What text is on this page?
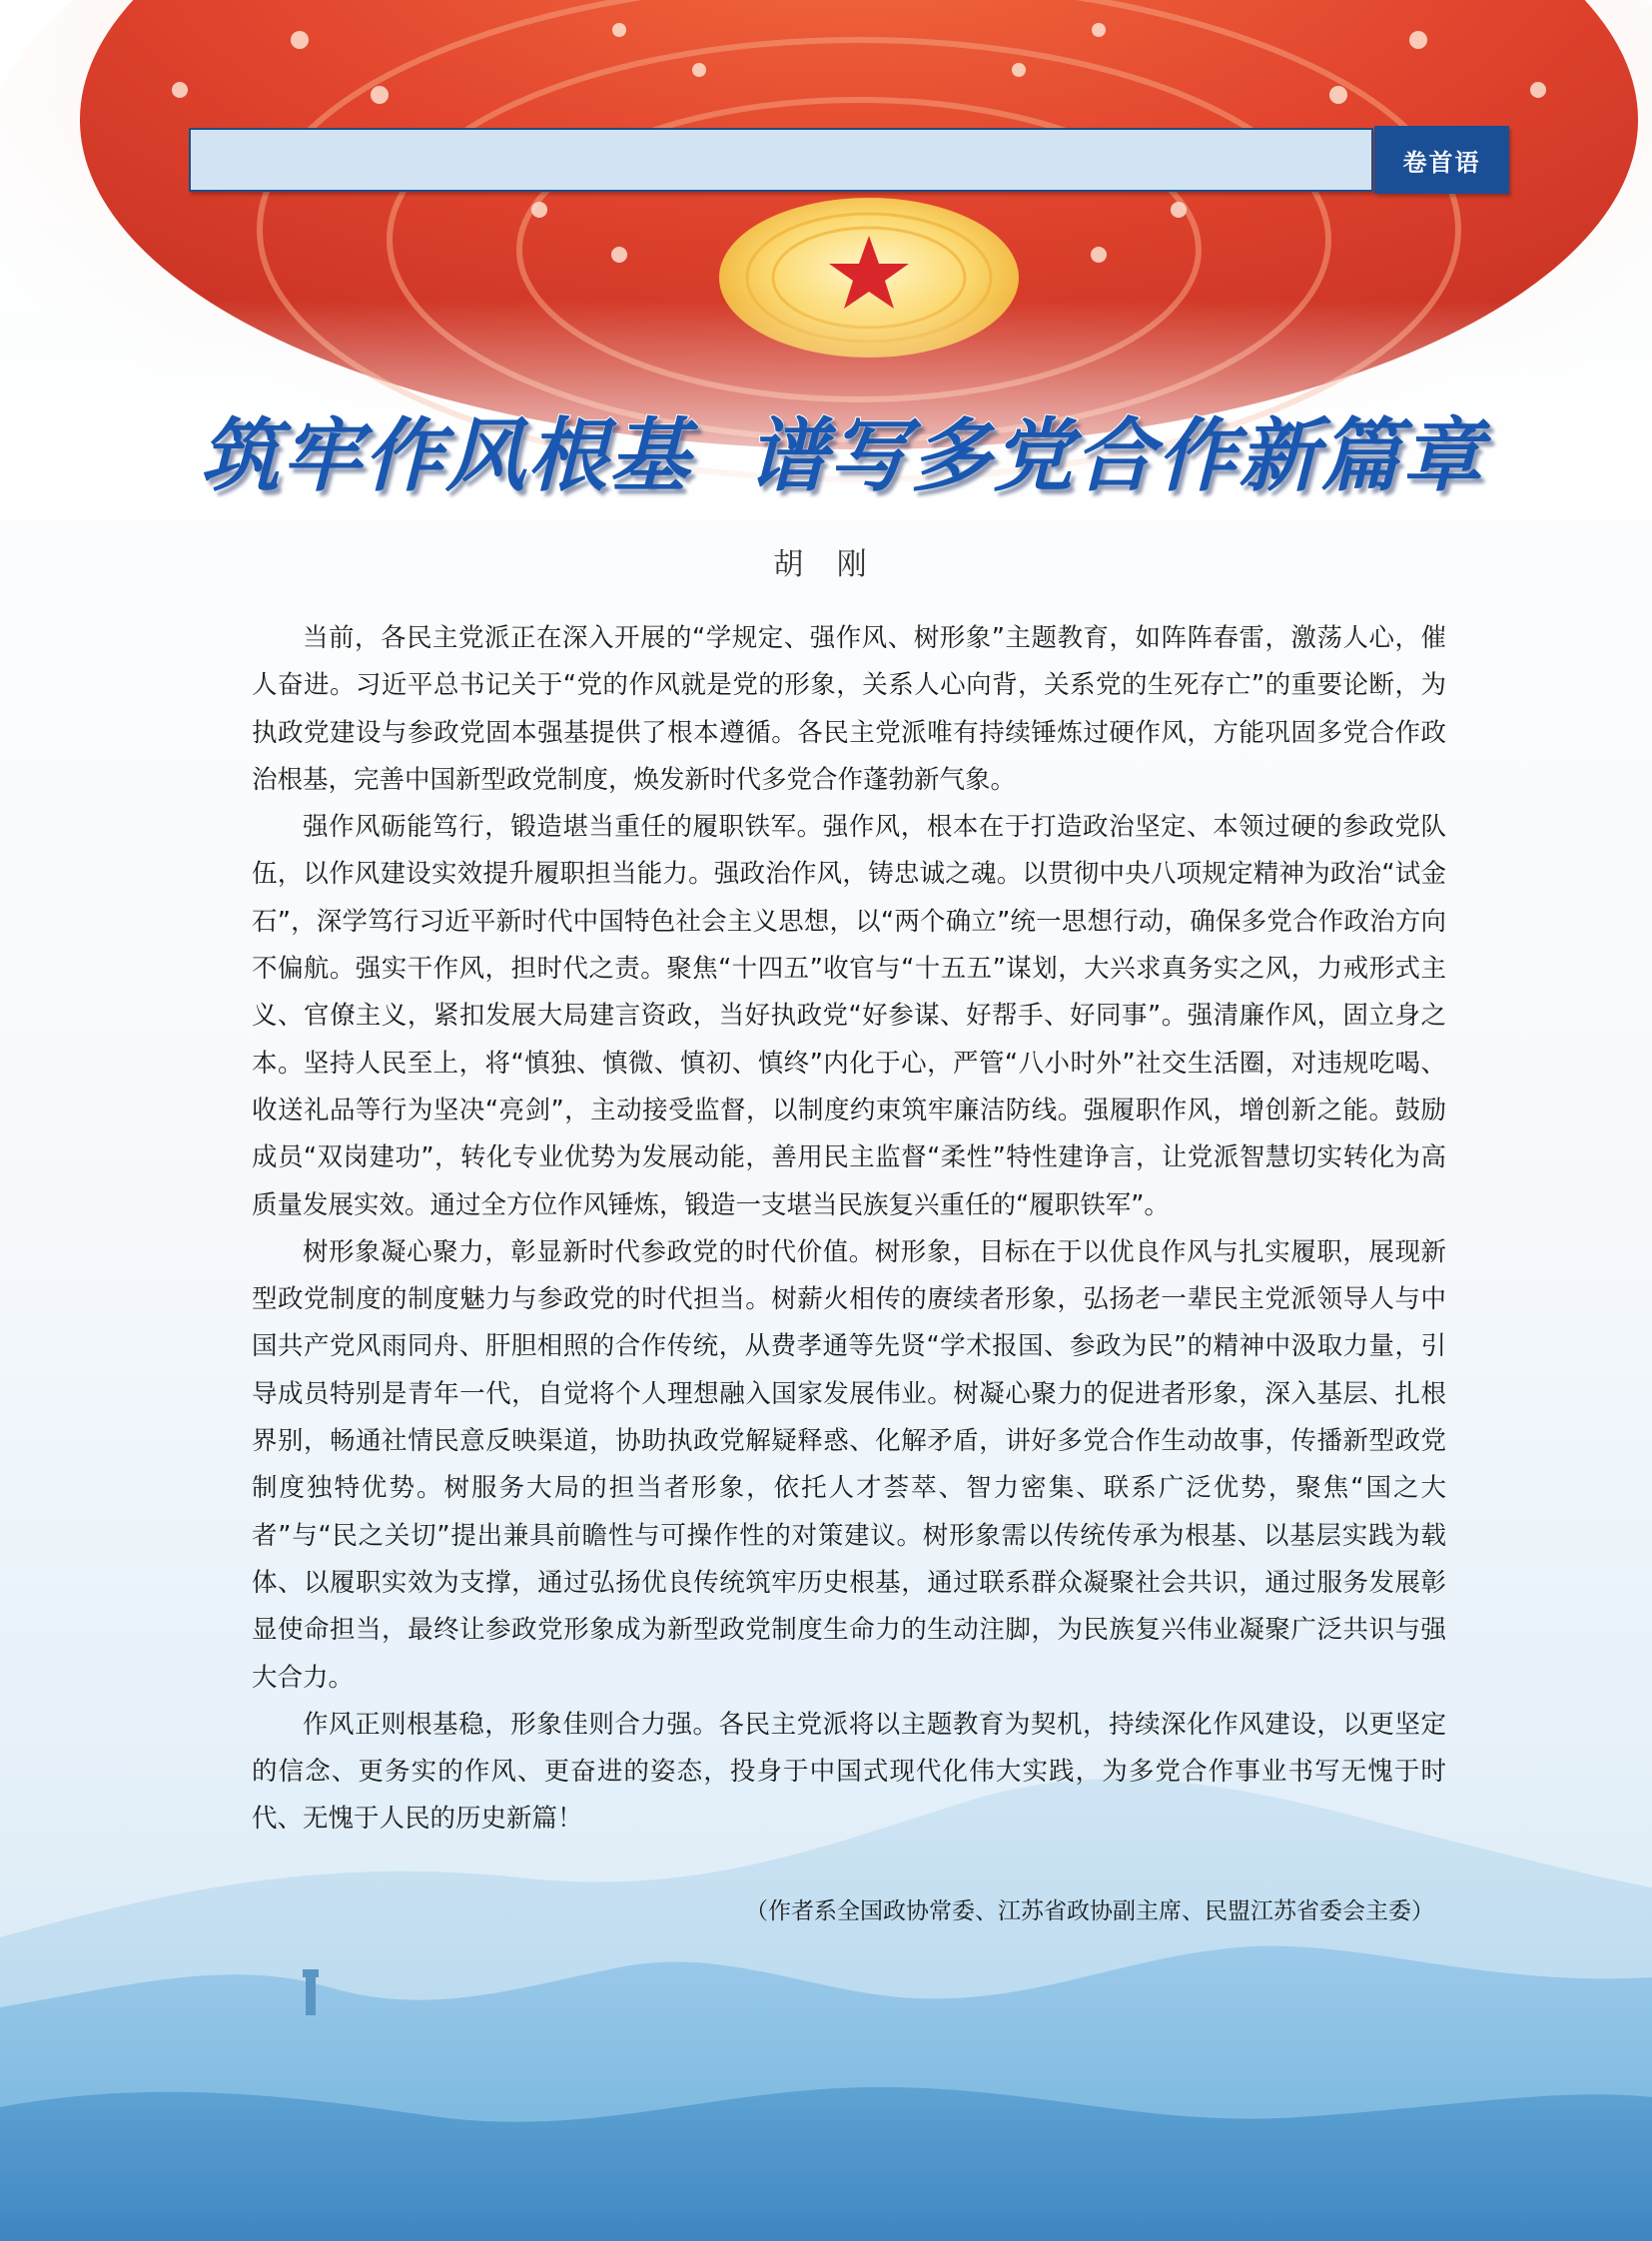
卷首语
筑牢作风根基 谱写多党合作新篇章
胡 刚

当前，各民主党派正在深入开展的“学规定、强作风、树形象”主题教育，如阵阵春雷，激荡人心，催人奋进。习近平总书记关于“党的作风就是党的形象，关系人心向背，关系党的生死存亡”的重要论断，为执政党建设与参政党固本强基提供了根本遵循。各民主党派唯有持续锤炼过硬作风，方能巩固多党合作政治根基，完善中国新型政党制度，焕发新时代多党合作蓬勃新气象。

强作风砺能笃行，锻造堪当重任的履职铁军。强作风，根本在于打造政治坚定、本领过硬的参政党队伍，以作风建设实效提升履职担当能力。强政治作风，铸忠诚之魂。以贯彻中央八项规定精神为政治“试金石”，深学笃行习近平新时代中国特色社会主义思想，以“两个确立”统一思想行动，确保多党合作政治方向不偏航。强实干作风，担时代之责。聚焦“十四五”收官与“十五五”谋划，大兴求真务实之风，力戒形式主义、官僚主义，紧扣发展大局建言资政，当好执政党“好参谋、好帮手、好同事”。强清廉作风，固立身之本。坚持人民至上，将“慎独、慎微、慎初、慎终”内化于心，严管“八小时外”社交生活圈，对违规吃喝、收送礼品等行为坚决“亮剑”，主动接受监督，以制度约束筑牢廉洁防线。强履职作风，增创新之能。鼓励成员“双岗建功”，转化专业优势为发展动能，善用民主监督“柔性”特性建诤言，让党派智慧切实转化为高质量发展实效。通过全方位作风锤炼，锻造一支堪当民族复兴重任的“履职铁军”。

树形象凝心聚力，彰显新时代参政党的时代价值。树形象，目标在于以优良作风与扎实履职，展现新型政党制度的制度魅力与参政党的时代担当。树薪火相传的赓续者形象，弘扬老一辈民主党派领导人与中国共产党风雨同舟、肝胆相照的合作传统，从费孝通等先贤“学术报国、参政为民”的精神中汲取力量，引导成员特别是青年一代，自觉将个人理想融入国家发展伟业。树凝心聚力的促进者形象，深入基层、扎根界别，畅通社情民意反映渠道，协助执政党解疑释惑、化解矛盾，讲好多党合作生动故事，传播新型政党制度独特优势。树服务大局的担当者形象，依托人才荟萃、智力密集、联系广泛优势，聚焦“国之大者”与“民之关切”提出兼具前瞻性与可操作性的对策建议。树形象需以传统传承为根基、以基层实践为载体、以履职实效为支撑，通过弘扬优良传统筑牢历史根基，通过联系群众凝聚社会共识，通过服务发展彰显使命担当，最终让参政党形象成为新型政党制度生命力的生动注脚，为民族复兴伟业凝聚广泛共识与强大合力。

作风正则根基稳，形象佳则合力强。各民主党派将以主题教育为契机，持续深化作风建设，以更坚定的信念、更务实的作风、更奋进的姿态，投身于中国式现代化伟大实践，为多党合作事业书写无愧于时代、无愧于人民的历史新篇！

（作者系全国政协常委、江苏省政协副主席、民盟江苏省委会主委）
